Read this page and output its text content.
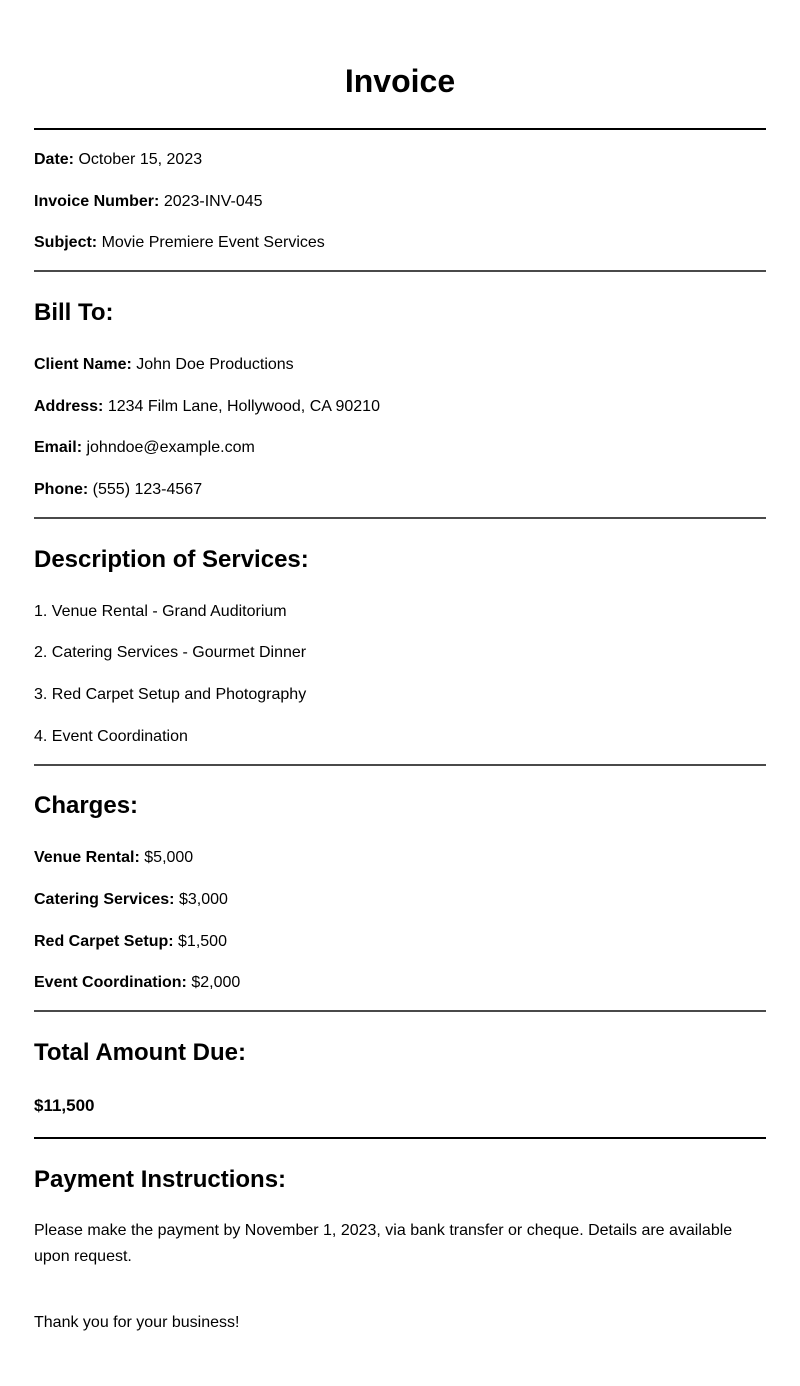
Invoice
Date: October 15, 2023
Invoice Number: 2023-INV-045
Subject: Movie Premiere Event Services
Bill To:
Client Name: John Doe Productions
Address: 1234 Film Lane, Hollywood, CA 90210
Email: johndoe@example.com
Phone: (555) 123-4567
Description of Services:
1. Venue Rental - Grand Auditorium
2. Catering Services - Gourmet Dinner
3. Red Carpet Setup and Photography
4. Event Coordination
Charges:
Venue Rental: $5,000
Catering Services: $3,000
Red Carpet Setup: $1,500
Event Coordination: $2,000
Total Amount Due:
$11,500
Payment Instructions:
Please make the payment by November 1, 2023, via bank transfer or cheque. Details are available upon request.
Thank you for your business!
